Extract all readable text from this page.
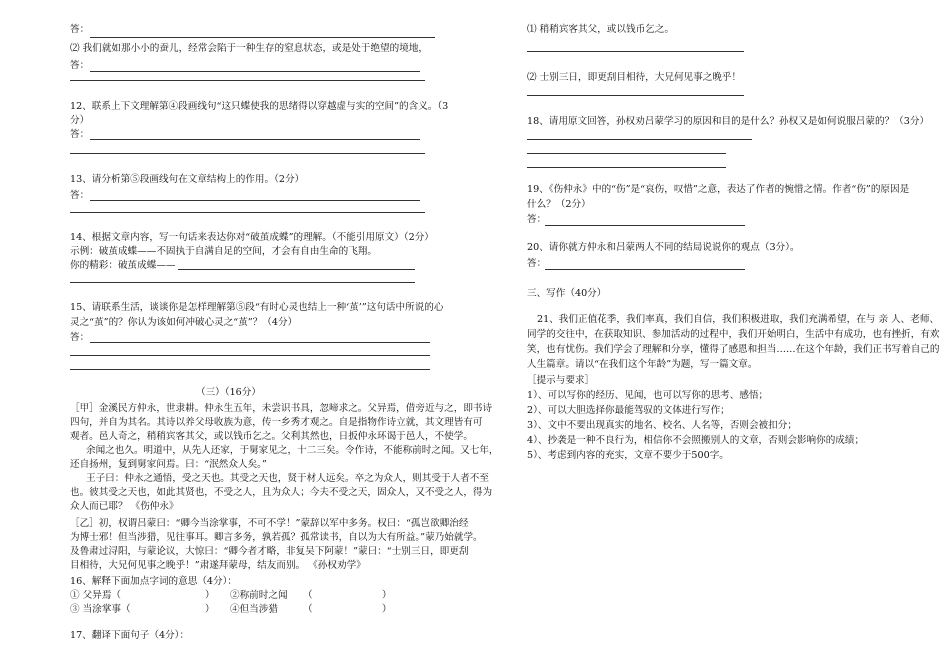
答：
⑵ 我们就如那小小的蚕儿，经常会陷于一种生存的窒息状态，或是处于绝望的境地，
答：
12、联系上下文理解第④段画线句“这只蝶使我的思绪得以穿越虚与实的空间”的含义。（3
分）
答：
13、请分析第⑤段画线句在文章结构上的作用。（2分）
答：
14、根据文章内容，写一句话来表达你对“破茧成蝶”的理解。（不能引用原文）（2分）
示例：破茧成蝶——不固执于自满自足的空间，才会有自由生命的飞翔。
你的精彩：破茧成蝶——
15、请联系生活，谈谈你是怎样理解第⑤段“有时心灵也结上一种‘茧’”这句话中所说的心
灵之“茧”的？你认为该如何冲破心灵之“茧”？（4分）
答：
（三）（16分）
［甲］金溪民方仲永，世隶耕。仲永生五年，未尝识书具，忽啼求之。父异焉，借旁近与之，即书诗
四句，并自为其名。其诗以养父母收族为意，传一乡秀才观之。自是指物作诗立就，其文理皆有可
观者。邑人奇之，稍稍宾客其父，或以钱币乞之。父利其然也，日扳仲永环谒于邑人，不使学。
余闻之也久。明道中，从先人还家，于舅家见之，十二三矣。令作诗，不能称前时之闻。又七年，
还自扬州，复到舅家问焉。曰：“泯然众人矣。”
王子曰：仲永之通悟，受之天也。其受之天也，贤于材人远矣。卒之为众人，则其受于人者不至
也。彼其受之天也，如此其贤也，不受之人，且为众人；今夫不受之天，固众人，又不受之人，得为
众人而已耶？ 《伤仲永》
［乙］初，权谓吕蒙曰：“卿今当涂掌事，不可不学！”蒙辞以军中多务。权曰：“孤岂欲卿治经
为博士邪！但当涉猎，见往事耳。卿言多务，孰若孤？孤常读书，自以为大有所益。”蒙乃始就学。
及鲁肃过浔阳，与蒙论议，大惊曰：“卿今者才略，非复吴下阿蒙！”蒙曰：“士别三日，即更刮
目相待，大兄何见事之晚乎！”肃遂拜蒙母，结友而别。 《孙权劝学》
16、解释下面加点字词的意思（4分）：
① 父异焉（	） ②称前时之闻 （	）
③ 当涂掌事（	） ④但当涉猎	（	）
17、翻译下面句子（4分）：
⑴ 稍稍宾客其父，或以钱币乞之。
⑵ 士别三日，即更刮目相待，大兄何见事之晚乎！
18、请用原文回答，孙权劝吕蒙学习的原因和目的是什么？孙权又是如何说服吕蒙的？（3分）
19、《伤仲永》中的“伤”是“哀伤，叹惜”之意，表达了作者的惋惜之情。作者“伤”的原因是
什么？（2分）
答：
20、请你就方仲永和吕蒙两人不同的结局说说你的观点（3分）。
答：
三、写作（40分）
21、我们正值花季，我们率真，我们自信，我们积极进取，我们充满希望，在与 亲 人、老师、
同学的交往中，在获取知识、参加活动的过程中，我们开始明白，生活中有成功，也有挫折，有欢
笑，也有忧伤。我们学会了理解和分享，懂得了感恩和担当……在这个年龄，我们正书写着自己的
人生篇章。请以“在我们这个年龄”为题，写一篇文章。
［提示与要求］
1）、可以写你的经历、见闻，也可以写你的思考、感悟；
2）、可以大胆选择你最能驾驭的文体进行写作；
3）、文中不要出现真实的地名、校名、人名等，否则会被扣分；
4）、抄袭是一种不良行为，相信你不会照搬别人的文章，否则会影响你的成绩；
5）、考虑到内容的充实，文章不要少于500字。
